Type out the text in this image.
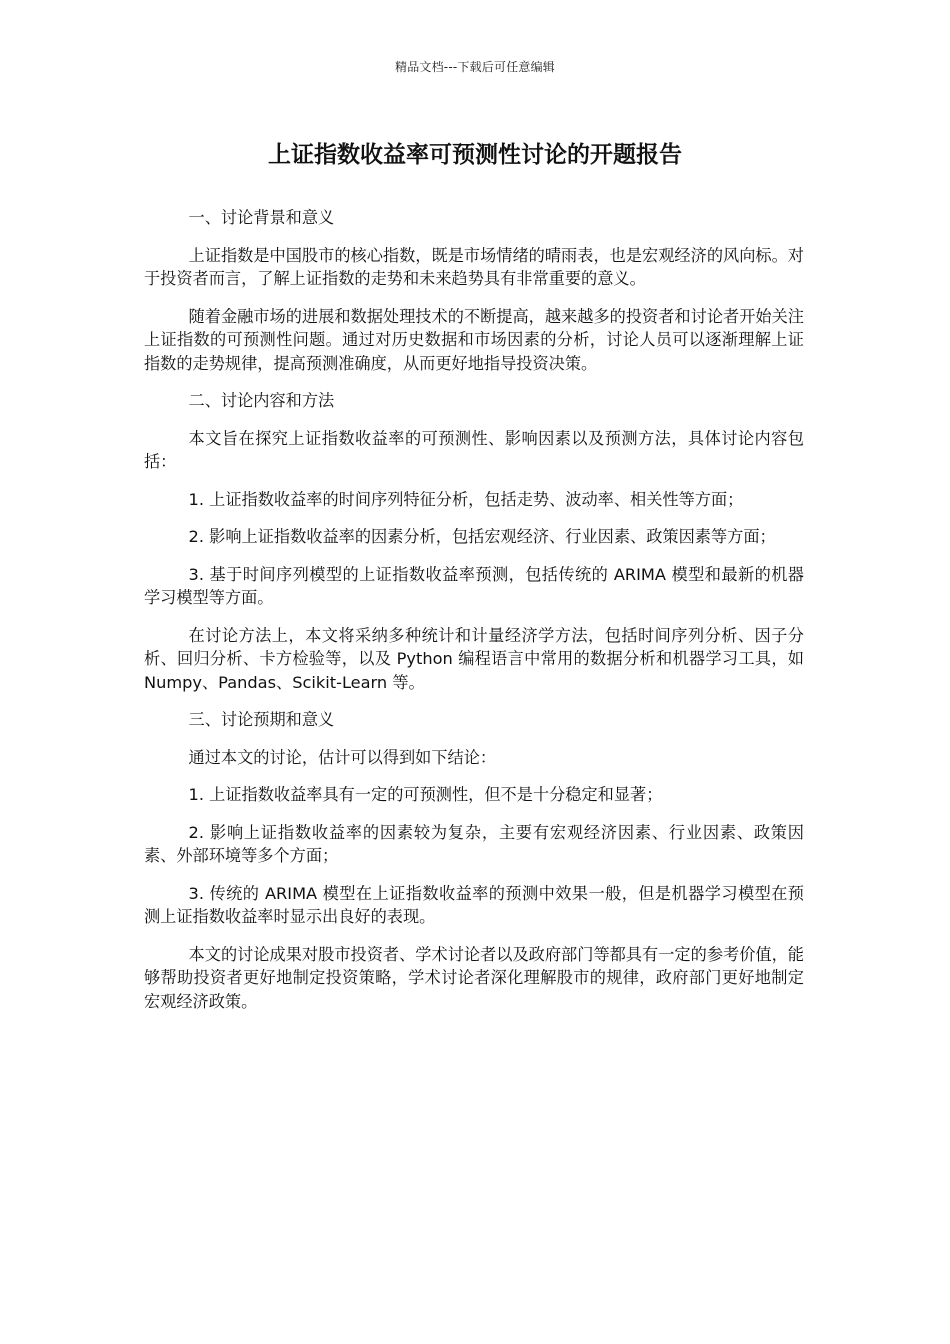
精品文档---下载后可任意编辑
上证指数收益率可预测性讨论的开题报告

一、讨论背景和意义

上证指数是中国股市的核心指数，既是市场情绪的晴雨表，也是宏观经济的风向标。对于投资者而言，了解上证指数的走势和未来趋势具有非常重要的意义。

随着金融市场的进展和数据处理技术的不断提高，越来越多的投资者和讨论者开始关注上证指数的可预测性问题。通过对历史数据和市场因素的分析，讨论人员可以逐渐理解上证指数的走势规律，提高预测准确度，从而更好地指导投资决策。

二、讨论内容和方法

本文旨在探究上证指数收益率的可预测性、影响因素以及预测方法，具体讨论内容包括：

1. 上证指数收益率的时间序列特征分析，包括走势、波动率、相关性等方面；

2. 影响上证指数收益率的因素分析，包括宏观经济、行业因素、政策因素等方面；

3. 基于时间序列模型的上证指数收益率预测，包括传统的 ARIMA 模型和最新的机器学习模型等方面。

在讨论方法上，本文将采纳多种统计和计量经济学方法，包括时间序列分析、因子分析、回归分析、卡方检验等，以及 Python 编程语言中常用的数据分析和机器学习工具，如 Numpy、Pandas、Scikit-Learn 等。

三、讨论预期和意义

通过本文的讨论，估计可以得到如下结论：

1. 上证指数收益率具有一定的可预测性，但不是十分稳定和显著；

2. 影响上证指数收益率的因素较为复杂，主要有宏观经济因素、行业因素、政策因素、外部环境等多个方面；

3. 传统的 ARIMA 模型在上证指数收益率的预测中效果一般，但是机器学习模型在预测上证指数收益率时显示出良好的表现。

本文的讨论成果对股市投资者、学术讨论者以及政府部门等都具有一定的参考价值，能够帮助投资者更好地制定投资策略，学术讨论者深化理解股市的规律，政府部门更好地制定宏观经济政策。
